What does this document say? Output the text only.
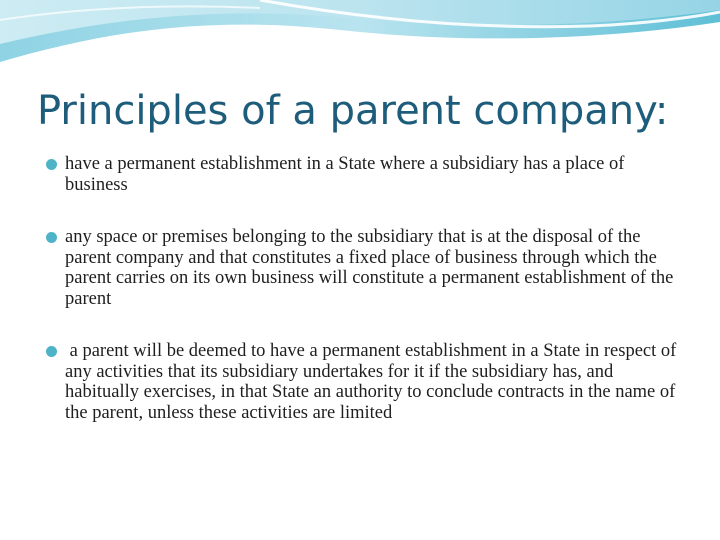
Principles of a parent company:
have a permanent establishment in a State where a subsidiary has a place of business
any space or premises belonging to the subsidiary that is at the disposal of the parent company and that constitutes a fixed place of business through which the parent carries on its own business will constitute a permanent establishment of the parent
a parent will be deemed to have a permanent establishment in a State in respect of any activities that its subsidiary undertakes for it if the subsidiary has, and habitually exercises, in that State an authority to conclude contracts in the name of the parent, unless these activities are limited
